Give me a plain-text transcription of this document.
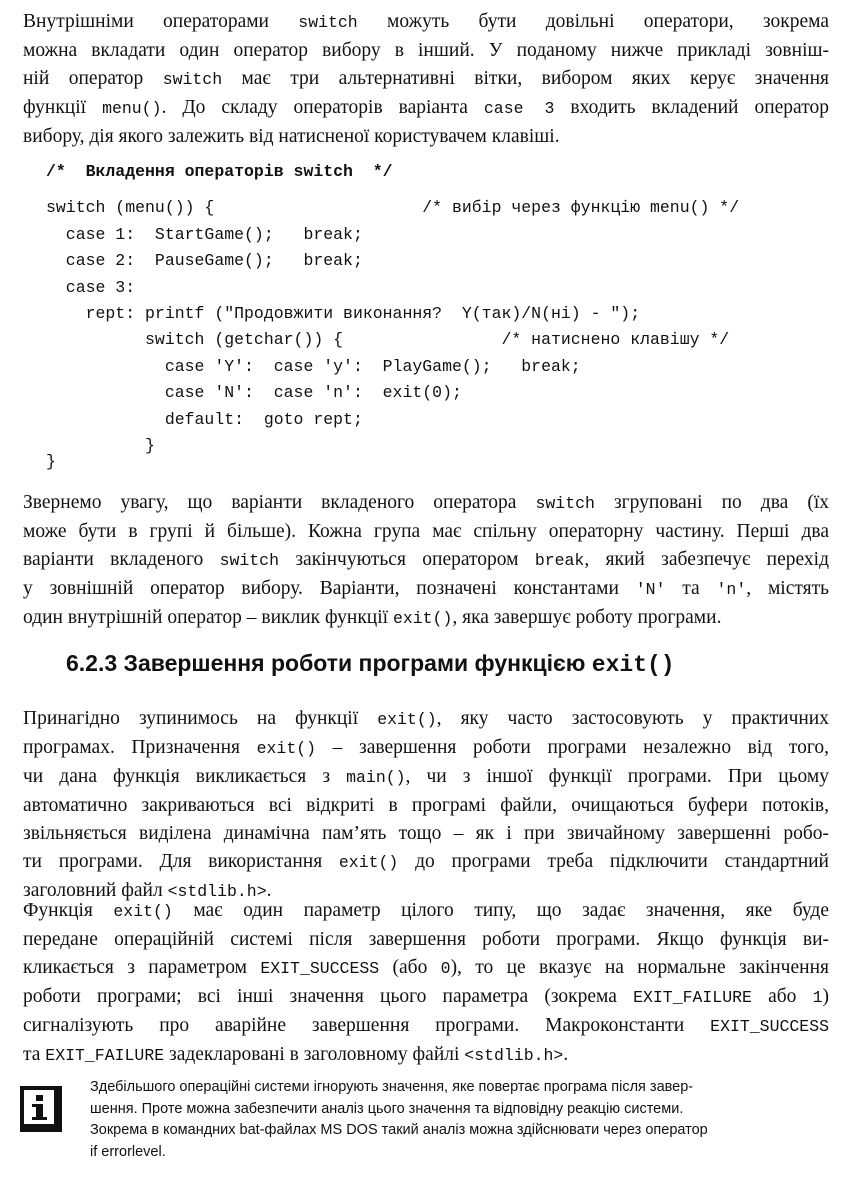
Внутрішніми операторами switch можуть бути довільні оператори, зокрема
можна вкладати один оператор вибору в інший. У поданому нижче прикладі зовніш-
ній оператор switch має три альтернативні вітки, вибором яких керує значення
функції menu(). До складу операторів варіанта case 3 входить вкладений оператор
вибору, дія якого залежить від натисненої користувачем клавіші.
/*  Вкладення операторів switch  */
switch (menu()) {                     /* вибір через функцію menu() */
case 1:  StartGame();   break;
case 2:  PauseGame();   break;
case 3:
rept: printf ("Продовжити виконання?  Y(так)/N(ні) - ");
switch (getchar()) {                /* натиснено клавішу */
case 'Y':  case 'y':  PlayGame();   break;
case 'N':  case 'n':  exit(0);
default:  goto rept;
}
}
Звернемо увагу, що варіанти вкладеного оператора switch згруповані по два (їх
може бути в групі й більше). Кожна група має спільну операторну частину. Перші два
варіанти вкладеного switch закінчуються оператором break, який забезпечує перехід
у зовнішній оператор вибору. Варіанти, позначені константами 'N' та 'n', містять
один внутрішній оператор – виклик функції exit(), яка завершує роботу програми.
6.2.3 Завершення роботи програми функцією exit()
Принагідно зупинимось на функції exit(), яку часто застосовують у практичних
програмах. Призначення exit() – завершення роботи програми незалежно від того,
чи дана функція викликається з main(), чи з іншої функції програми. При цьому
автоматично закриваються всі відкриті в програмі файли, очищаються буфери потоків,
звільняється виділена динамічна пам’ять тощо – як і при звичайному завершенні робо-
ти програми. Для використання exit() до програми треба підключити стандартний
заголовний файл <stdlib.h>.
Функція exit() має один параметр цілого типу, що задає значення, яке буде
передане операційній системі після завершення роботи програми. Якщо функція ви-
кликається з параметром EXIT_SUCCESS (або 0), то це вказує на нормальне закінчення
роботи програми; всі інші значення цього параметра (зокрема EXIT_FAILURE або 1)
сигналізують про аварійне завершення програми. Макроконстанти EXIT_SUCCESS
та EXIT_FAILURE задекларовані в заголовному файлі <stdlib.h>.
Здебільшого операційні системи ігнорують значення, яке повертає програма після завер-
шення. Проте можна забезпечити аналіз цього значення та відповідну реакцію системи.
Зокрема в командних bat-файлах MS DOS такий аналіз можна здійснювати через оператор
if errorlevel.
